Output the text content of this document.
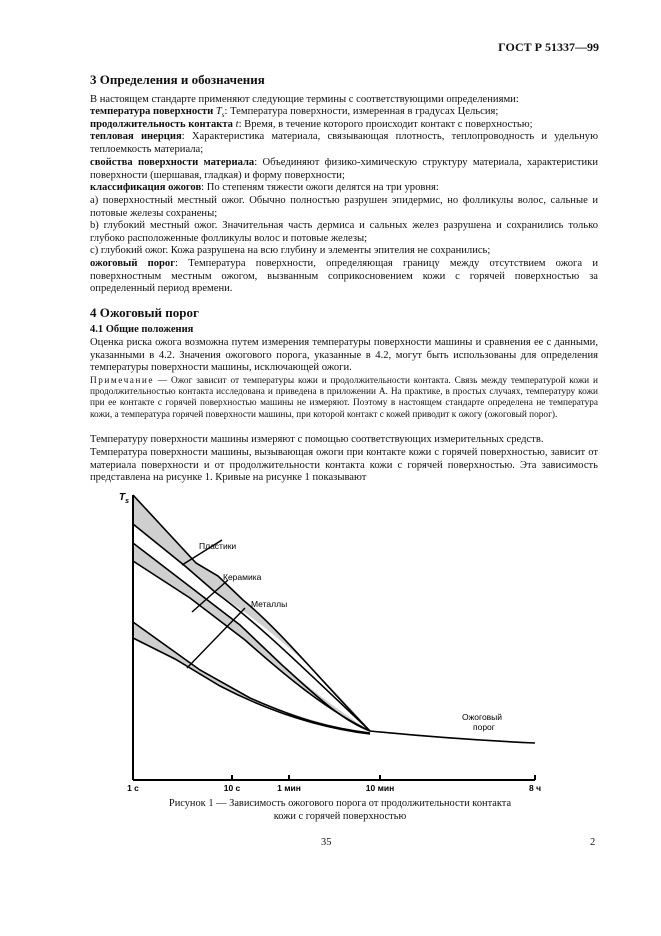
ГОСТ Р 51337—99
3 Определения и обозначения
В настоящем стандарте применяют следующие термины с соответствующими определениями:
температура поверхности $T_s$: Температура поверхности, измеренная в градусах Цельсия;
продолжительность контакта t: Время, в течение которого происходит контакт с поверхностью;
тепловая инерция: Характеристика материала, связывающая плотность, теплопроводность и удельную теплоемкость материала;
свойства поверхности материала: Объединяют физико-химическую структуру материала, характеристики поверхности (шершавая, гладкая) и форму поверхности;
классификация ожогов: По степеням тяжести ожоги делятся на три уровня:
а) поверхностный местный ожог. Обычно полностью разрушен эпидермис, но фолликулы волос, сальные и потовые железы сохранены;
b) глубокий местный ожог. Значительная часть дермиса и сальных желез разрушена и сохранились только глубоко расположенные фолликулы волос и потовые железы;
с) глубокий ожог. Кожа разрушена на всю глубину и элементы эпителия не сохранились;
ожоговый порог: Температура поверхности, определяющая границу между отсутствием ожога и поверхностным местным ожогом, вызванным соприкосновением кожи с горячей поверхностью за определенный период времени.
4 Ожоговый порог
4.1 Общие положения
Оценка риска ожога возможна путем измерения температуры поверхности машины и сравнения ее с данными, указанными в 4.2. Значения ожогового порога, указанные в 4.2, могут быть использованы для определения температуры поверхности машины, исключающей ожоги.
Примечание — Ожог зависит от температуры кожи и продолжительности контакта. Связь между температурой кожи и продолжительностью контакта исследована и приведена в приложении А. На практике, в простых случаях, температуру кожи при ее контакте с горячей поверхностью машины не измеряют. Поэтому в настоящем стандарте определена не температура кожи, а температура горячей поверхности машины, при которой контакт с кожей приводит к ожогу (ожоговый порог).
Температуру поверхности машины измеряют с помощью соответствующих измерительных средств.
Температура поверхности машины, вызывающая ожоги при контакте кожи с горячей поверхностью, зависит от материала поверхности и от продолжительности контакта кожи с горячей поверхностью. Эта зависимость представлена на рисунке 1. Кривые на рисунке 1 показывают
$T_s$
Пластики
Керамика
Металлы
Ожоговый
порог
1 с	10 с	1 мин	10 мин	8 ч
Рисунок 1 — Зависимость ожогового порога от продолжительности контакта
кожи с горячей поверхностью
35	2
